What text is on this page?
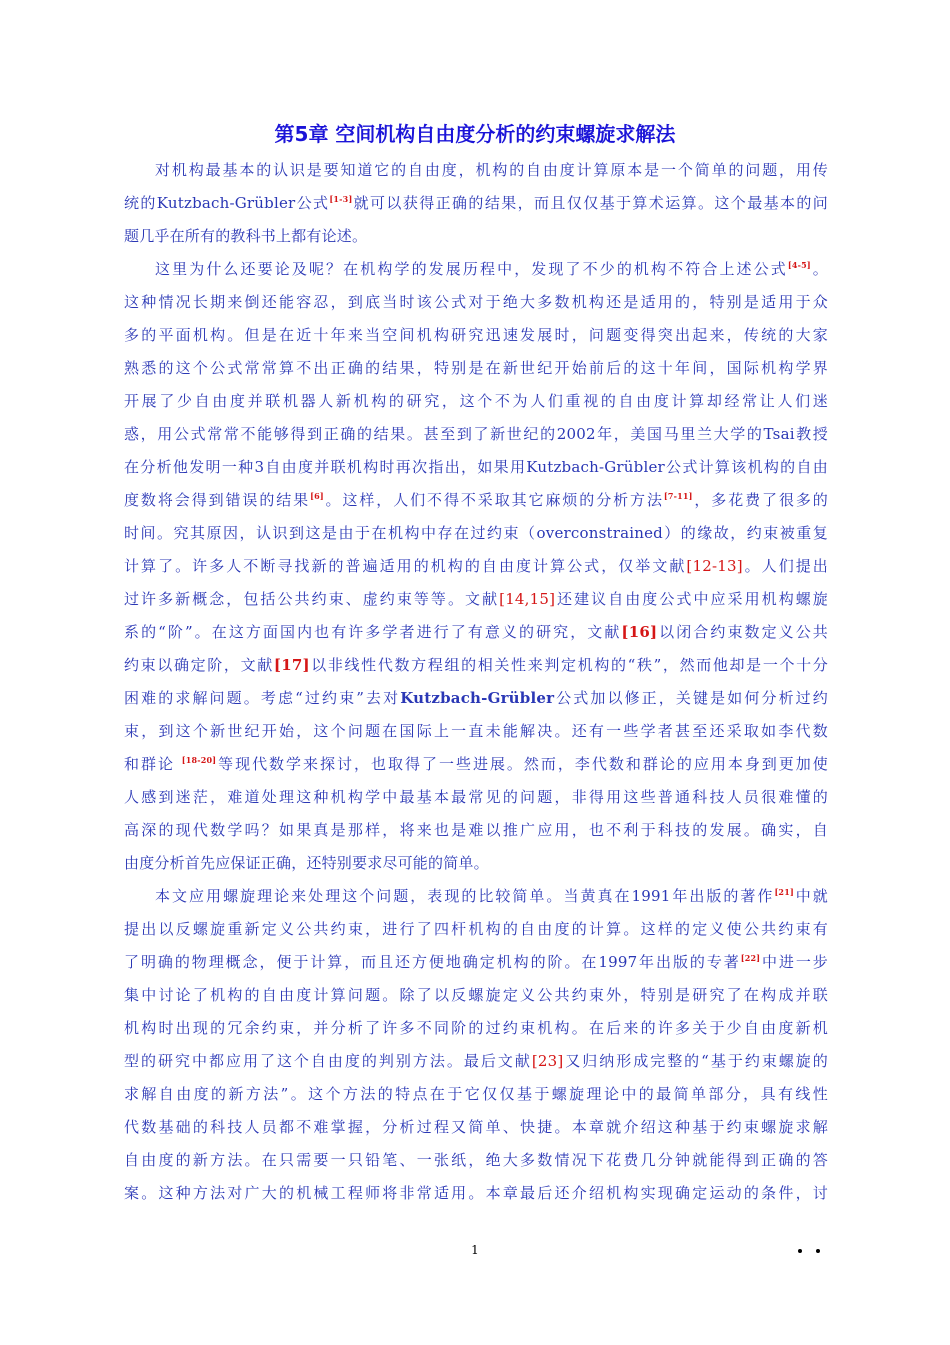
第5章 空间机构自由度分析的约束螺旋求解法

对机构最基本的认识是要知道它的自由度，机构的自由度计算原本是一个简单的问题，用传

统的Kutzbach-Grübler公式[1-3]就可以获得正确的结果，而且仅仅基于算术运算。这个最基本的问

题几乎在所有的教科书上都有论述。

这里为什么还要论及呢？在机构学的发展历程中，发现了不少的机构不符合上述公式[4-5]。

这种情况长期来倒还能容忍，到底当时该公式对于绝大多数机构还是适用的，特别是适用于众

多的平面机构。但是在近十年来当空间机构研究迅速发展时，问题变得突出起来，传统的大家

熟悉的这个公式常常算不出正确的结果，特别是在新世纪开始前后的这十年间，国际机构学界

开展了少自由度并联机器人新机构的研究，这个不为人们重视的自由度计算却经常让人们迷

惑，用公式常常不能够得到正确的结果。甚至到了新世纪的2002年，美国马里兰大学的Tsai教授

在分析他发明一种3自由度并联机构时再次指出，如果用Kutzbach-Grübler公式计算该机构的自由

度数将会得到错误的结果[6]。这样，人们不得不采取其它麻烦的分析方法[7-11]，多花费了很多的

时间。究其原因，认识到这是由于在机构中存在过约束（overconstrained）的缘故，约束被重复

计算了。许多人不断寻找新的普遍适用的机构的自由度计算公式，仅举文献[12-13]。人们提出

过许多新概念，包括公共约束、虚约束等等。文献[14,15]还建议自由度公式中应采用机构螺旋

系的“阶”。在这方面国内也有许多学者进行了有意义的研究，文献[16]以闭合约束数定义公共

约束以确定阶，文献[17]以非线性代数方程组的相关性来判定机构的“秩”，然而他却是一个十分

困难的求解问题。考虑“过约束”去对Kutzbach-Grübler公式加以修正，关键是如何分析过约

束，到这个新世纪开始，这个问题在国际上一直未能解决。还有一些学者甚至还采取如李代数

和群论 [18-20]等现代数学来探讨，也取得了一些进展。然而，李代数和群论的应用本身到更加使

人感到迷茫，难道处理这种机构学中最基本最常见的问题，非得用这些普通科技人员很难懂的

高深的现代数学吗？如果真是那样，将来也是难以推广应用，也不利于科技的发展。确实，自

由度分析首先应保证正确，还特别要求尽可能的简单。

本文应用螺旋理论来处理这个问题，表现的比较简单。当黄真在1991年出版的著作[21]中就

提出以反螺旋重新定义公共约束，进行了四杆机构的自由度的计算。这样的定义使公共约束有

了明确的物理概念，便于计算，而且还方便地确定机构的阶。在1997年出版的专著[22]中进一步

集中讨论了机构的自由度计算问题。除了以反螺旋定义公共约束外，特别是研究了在构成并联

机构时出现的冗余约束，并分析了许多不同阶的过约束机构。在后来的许多关于少自由度新机

型的研究中都应用了这个自由度的判别方法。最后文献[23]又归纳形成完整的“基于约束螺旋的

求解自由度的新方法”。这个方法的特点在于它仅仅基于螺旋理论中的最简单部分，具有线性

代数基础的科技人员都不难掌握，分析过程又简单、快捷。本章就介绍这种基于约束螺旋求解

自由度的新方法。在只需要一只铅笔、一张纸，绝大多数情况下花费几分钟就能得到正确的答

案。这种方法对广大的机械工程师将非常适用。本章最后还介绍机构实现确定运动的条件，讨

1
